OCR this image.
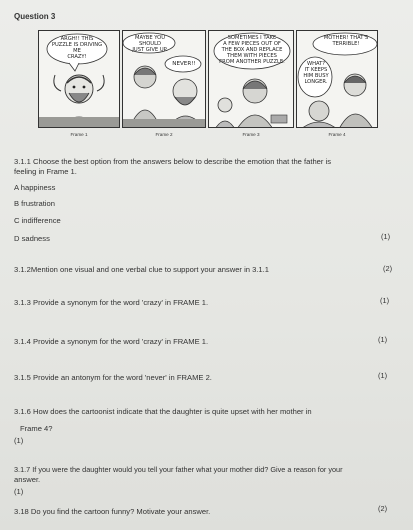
Question 3
ARGH!! THIS
PUZZLE IS DRIVING
ME
CRAZY!
MAYBE YOU SHOULD
JUST GIVE UP.
NEVER!!
SOMETIMES I TAKE
A FEW PIECES OUT OF
THE BOX AND REPLACE
THEM WITH PIECES
FROM ANOTHER PUZZLE.
MOTHER! THAT'S
TERRIBLE!
WHAT?
IT KEEPS
HIM BUSY
LONGER.
Frame 1	Frame 2	Frame 3	Frame 4
3.1.1 Choose the best option from the answers below to describe the emotion that the father is
feeling in Frame 1.
A happiness
B frustration
C indifference
D sadness	(1)
3.1.2Mention one visual and one verbal clue to support your answer in 3.1.1	(2)
3.1.3 Provide a synonym for the word 'crazy' in FRAME 1.	(1)
3.1.4 Provide a synonym for the word 'crazy' in FRAME 1.	(1)
3.1.5 Provide an antonym for the word 'never' in FRAME 2.	(1)
3.1.6 How does the cartoonist indicate that the daughter is quite upset with her mother in
Frame 4?
(1)
3.1.7 If you were the daughter would you tell your father what your mother did? Give a reason for your
answer.
(1)
3.18 Do you find the cartoon funny? Motivate your answer.	(2)
